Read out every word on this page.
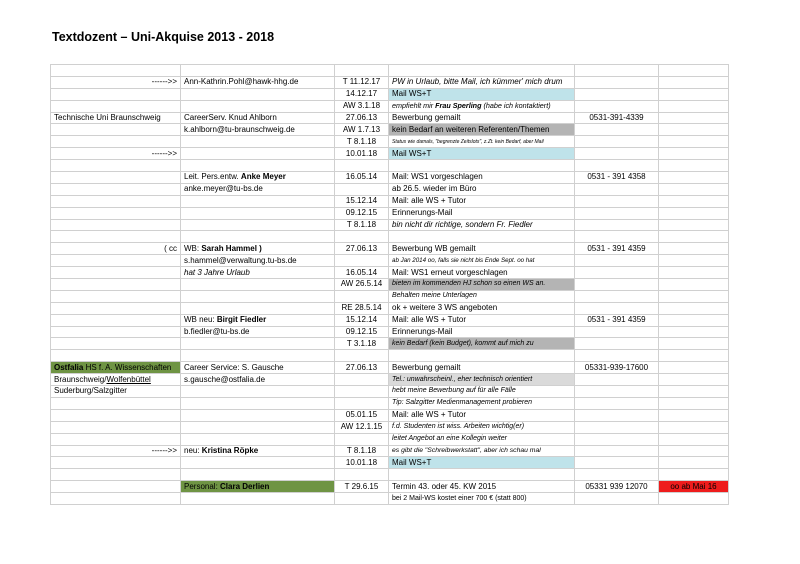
Textdozent – Uni-Akquise 2013 - 2018

------>>	Ann-Kathrin.Pohl@hawk-hhg.de	T 11.12.17	PW in Urlaub, bitte Mail, ich kümmer' mich drum		
		14.12.17	Mail WS+T		
		AW 3.1.18	empfiehlt mir Frau Sperling (habe ich kontaktiert)		
Technische Uni Braunschweig	CareerServ. Knud Ahlborn	27.06.13	Bewerbung gemailt	0531-391-4339	
	k.ahlborn@tu-braunschweig.de	AW 1.7.13	kein Bedarf an weiteren Referenten/Themen		
		T 8.1.18	Status wie damals, "begrenzte Zeitslots", z.Zt. kein Bedarf, aber Mail		
------>>		10.01.18	Mail WS+T		

	Leit. Pers.entw. Anke Meyer	16.05.14	Mail: WS1 vorgeschlagen	0531 - 391 4358	
	anke.meyer@tu-bs.de		ab 26.5. wieder im Büro		
		15.12.14	Mail: alle WS + Tutor		
		09.12.15	Erinnerungs-Mail		
		T 8.1.18	bin nicht dir richtige, sondern Fr. Fiedler		

( cc	WB: Sarah Hammel )	27.06.13	Bewerbung WB gemailt	0531 - 391 4359	
	s.hammel@verwaltung.tu-bs.de		ab Jan 2014 oo, falls sie nicht bis Ende Sept. oo hat		
	hat 3 Jahre Urlaub	16.05.14	Mail: WS1 erneut vorgeschlagen		
		AW 26.5.14	bieten im kommenden HJ schon so einen WS an.		
			Behalten meine Unterlagen		
		RE 28.5.14	ok + weitere 3 WS angeboten		
	WB neu: Birgit Fiedler	15.12.14	Mail: alle WS + Tutor	0531 - 391 4359	
	b.fiedler@tu-bs.de	09.12.15	Erinnerungs-Mail		
		T 3.1.18	kein Bedarf (kein Budget), kommt auf mich zu		

Ostfalia HS f. A. Wissenschaften	Career Service: S. Gausche	27.06.13	Bewerbung gemailt	05331-939-17600	
Braunschweig/Wolfenbüttel	s.gausche@ostfalia.de		Tel.: unwahrscheinl., eher technisch orientiert		
Suderburg/Salzgitter			hebt meine Bewerbung auf für alle Fälle		
			Tip: Salzgitter Medienmanagement probieren		
		05.01.15	Mail: alle WS + Tutor		
		AW 12.1.15	f.d. Studenten ist wiss. Arbeiten wichtig(er)		
			leitet Angebot an eine Kollegin weiter		
------>>	neu: Kristina Röpke	T 8.1.18	es gibt die "Schreibwerkstatt", aber ich schau mal		
		10.01.18	Mail WS+T		

	Personal: Clara Derlien	T 29.6.15	Termin 43. oder 45. KW 2015	05331 939 12070	oo ab Mai 16
			bei 2 Mail-WS kostet einer 700 € (statt 800)		
